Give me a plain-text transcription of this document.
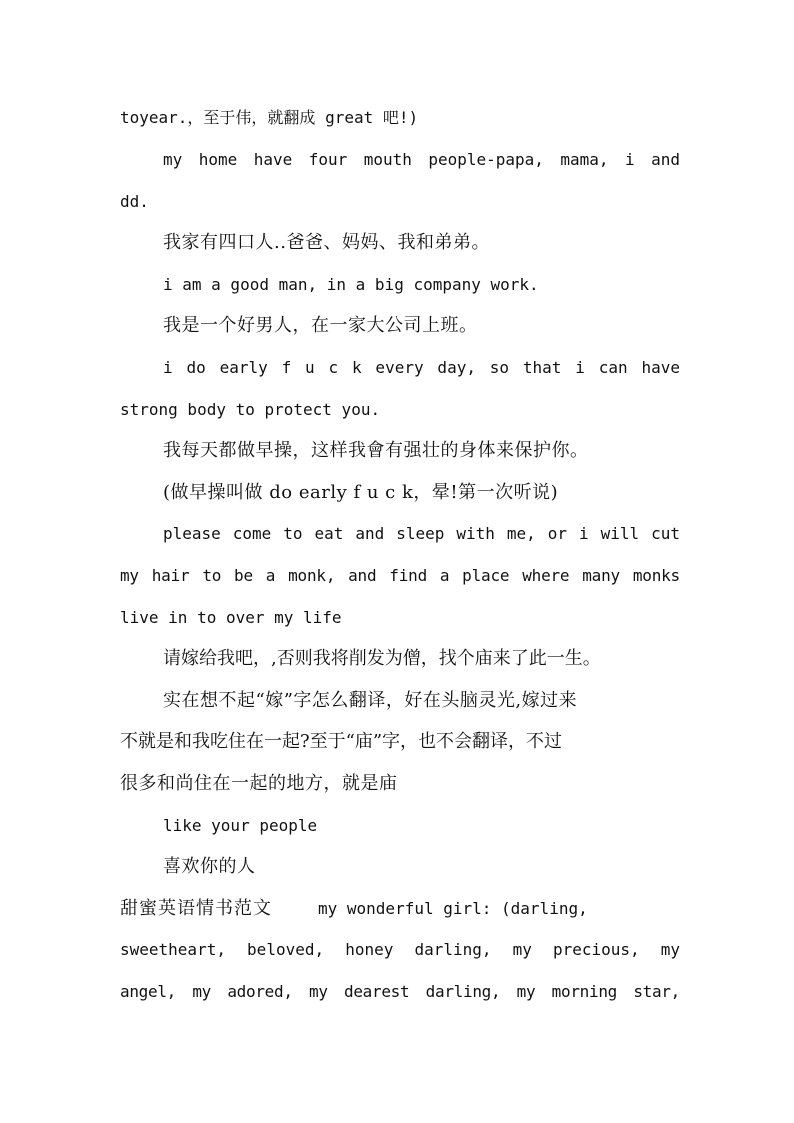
toyear.，至于伟，就翻成 great 吧!)
my home have four mouth people-papa, mama, i and
dd.
我家有四口人..爸爸、妈妈、我和弟弟。
i am a good man, in a big company work.
我是一个好男人，在一家大公司上班。
i do early f u c k every day, so that i can have
strong body to protect you.
我每天都做早操，这样我會有强壮的身体来保护你。
(做早操叫做 do early f u c k，晕!第一次听说)
please come to eat and sleep with me, or i will cut
my hair to be a monk, and find a place where many monks
live in to over my life
请嫁给我吧，,否则我将削发为僧，找个庙来了此一生。
实在想不起“嫁”字怎么翻译，好在头脑灵光,嫁过来
不就是和我吃住在一起?至于“庙”字，也不会翻译，不过
很多和尚住在一起的地方，就是庙
like your people
喜欢你的人
甜蜜英语情书范文	my wonderful girl: (darling,
sweetheart, beloved, honey darling, my precious, my
angel, my adored, my dearest darling, my morning star,
